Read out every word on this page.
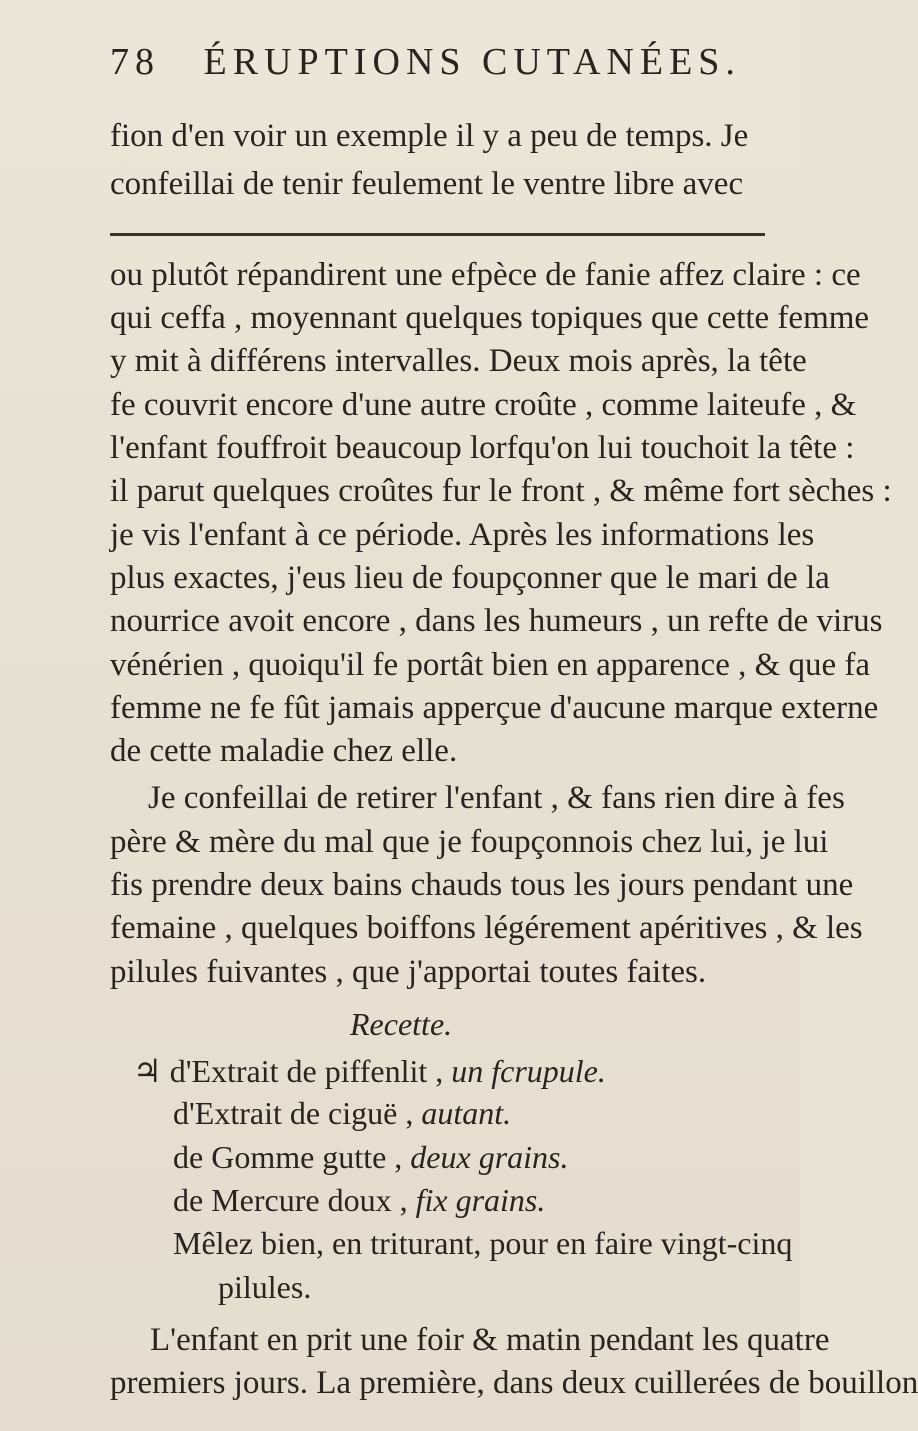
78 ÉRUPTIONS CUTANÉES.
fion d'en voir un exemple il y a peu de temps. Je
confeillai de tenir feulement le ventre libre avec
ou plutôt répandirent une efpèce de fanie affez claire : ce
qui ceffa , moyennant quelques topiques que cette femme
y mit à différens intervalles. Deux mois après, la tête
fe couvrit encore d'une autre croûte , comme laiteufe , &
l'enfant fouffroit beaucoup lorfqu'on lui touchoit la tête :
il parut quelques croûtes fur le front , & même fort sèches :
je vis l'enfant à ce période. Après les informations les
plus exactes, j'eus lieu de foupçonner que le mari de la
nourrice avoit encore , dans les humeurs , un refte de virus
vénérien , quoiqu'il fe portât bien en apparence , & que fa
femme ne fe fût jamais apperçue d'aucune marque externe
de cette maladie chez elle.
Je confeillai de retirer l'enfant , & fans rien dire à fes
père & mère du mal que je foupçonnois chez lui, je lui
fis prendre deux bains chauds tous les jours pendant une
femaine , quelques boiffons légérement apéritives , & les
pilules fuivantes , que j'apportai toutes faites.
Recette.
♃ d'Extrait de piffenlit , un fcrupule.
d'Extrait de ciguë , autant.
de Gomme gutte , deux grains.
de Mercure doux , fix grains.
Mêlez bien, en triturant, pour en faire vingt-cinq
pilules.
L'enfant en prit une foir & matin pendant les quatre
premiers jours. La première, dans deux cuillerées de bouillon
